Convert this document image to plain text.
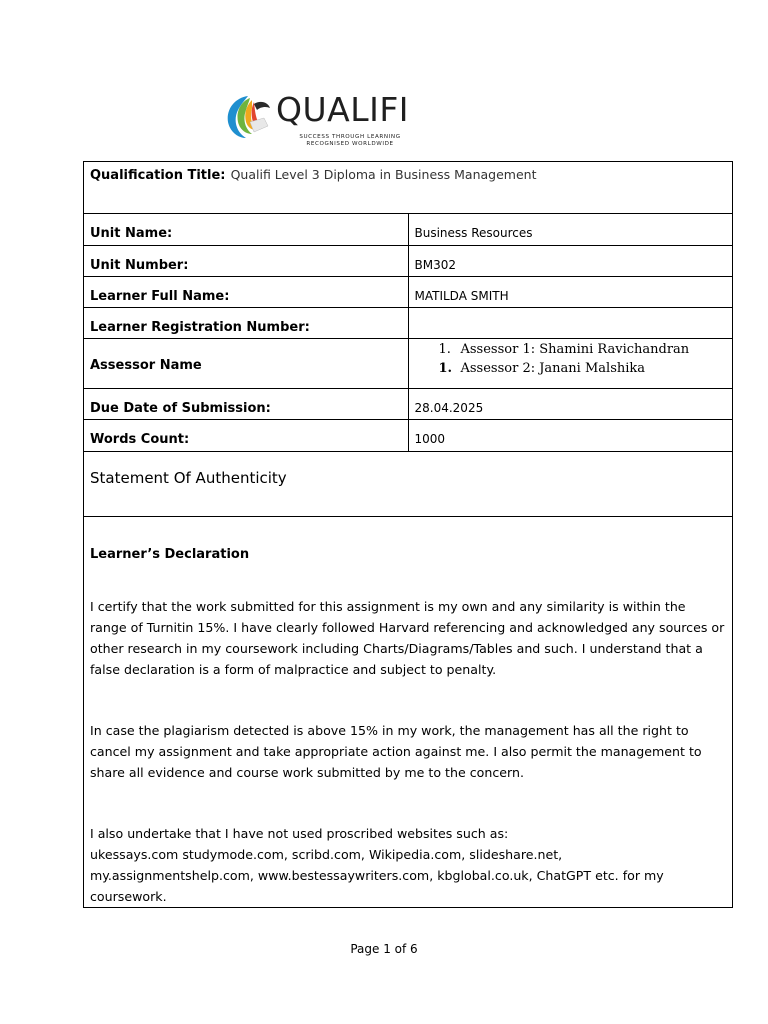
QUALIFI
SUCCESS THROUGH LEARNING
RECOGNISED WORLDWIDE
Qualification Title: Qualifi Level 3 Diploma in Business Management	
Unit Name:	Business Resources
Unit Number:	BM302
Learner Full Name:	MATILDA SMITH
Learner Registration Number:	
Assessor Name	1. Assessor 1: Shamini Ravichandran
1. Assessor 2: Janani Malshika

Due Date of Submission:	28.04.2025
Words Count:	1000
Statement Of Authenticity	

Learner’s Declaration

I certify that the work submitted for this assignment is my own and any similarity is within the range of Turnitin 15%. I have clearly followed Harvard referencing and acknowledged any sources or other research in my coursework including Charts/Diagrams/Tables and such. I understand that a false declaration is a form of malpractice and subject to penalty.

In case the plagiarism detected is above 15% in my work, the management has all the right to cancel my assignment and take appropriate action against me. I also permit the management to share all evidence and course work submitted by me to the concern.

I also undertake that I have not used proscribed websites such as:
ukessays.com studymode.com, scribd.com, Wikipedia.com, slideshare.net, my.assignmentshelp.com, www.bestessaywriters.com, kbglobal.co.uk, ChatGPT etc. for my coursework.	

Page 1 of 6
